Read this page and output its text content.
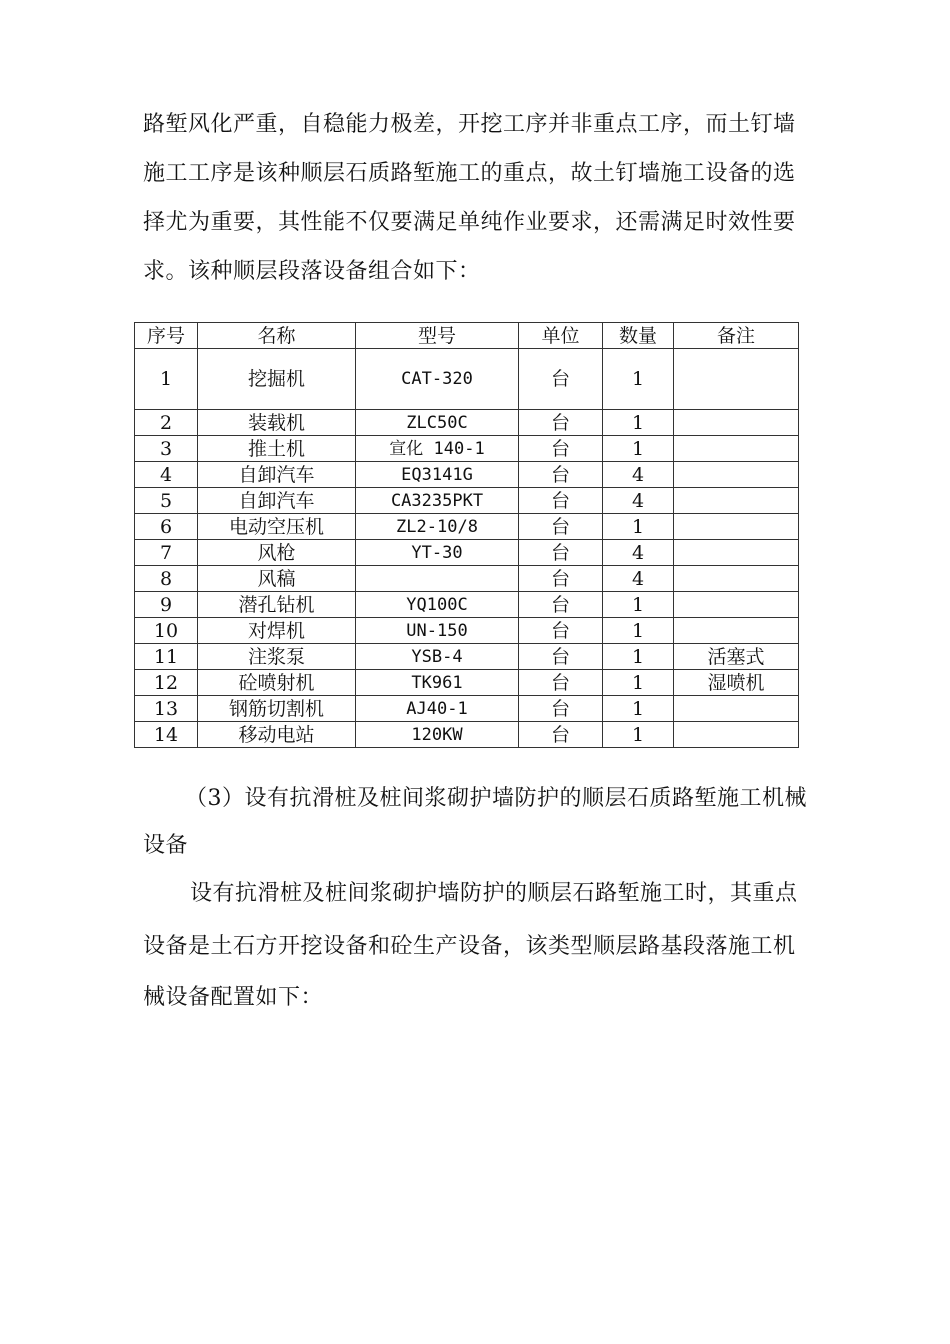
路堑风化严重，自稳能力极差，开挖工序并非重点工序，而土钉墙
施工工序是该种顺层石质路堑施工的重点，故土钉墙施工设备的选
择尤为重要，其性能不仅要满足单纯作业要求，还需满足时效性要
求。该种顺层段落设备组合如下：
序号	名称	型号	单位	数量	备注
1	挖掘机	CAT-320	台	1	
2	装载机	ZLC50C	台	1	
3	推土机	宣化 140-1	台	1	
4	自卸汽车	EQ3141G	台	4	
5	自卸汽车	CA3235PKT	台	4	
6	电动空压机	ZL2-10/8	台	1	
7	风枪	YT-30	台	4	
8	风稿		台	4	
9	潜孔钻机	YQ100C	台	1	
10	对焊机	UN-150	台	1	
11	注浆泵	YSB-4	台	1	活塞式
12	砼喷射机	TK961	台	1	湿喷机
13	钢筋切割机	AJ40-1	台	1	
14	移动电站	120KW	台	1	
（3）设有抗滑桩及桩间浆砌护墙防护的顺层石质路堑施工机械
设备
设有抗滑桩及桩间浆砌护墙防护的顺层石路堑施工时，其重点
设备是土石方开挖设备和砼生产设备，该类型顺层路基段落施工机
械设备配置如下：
